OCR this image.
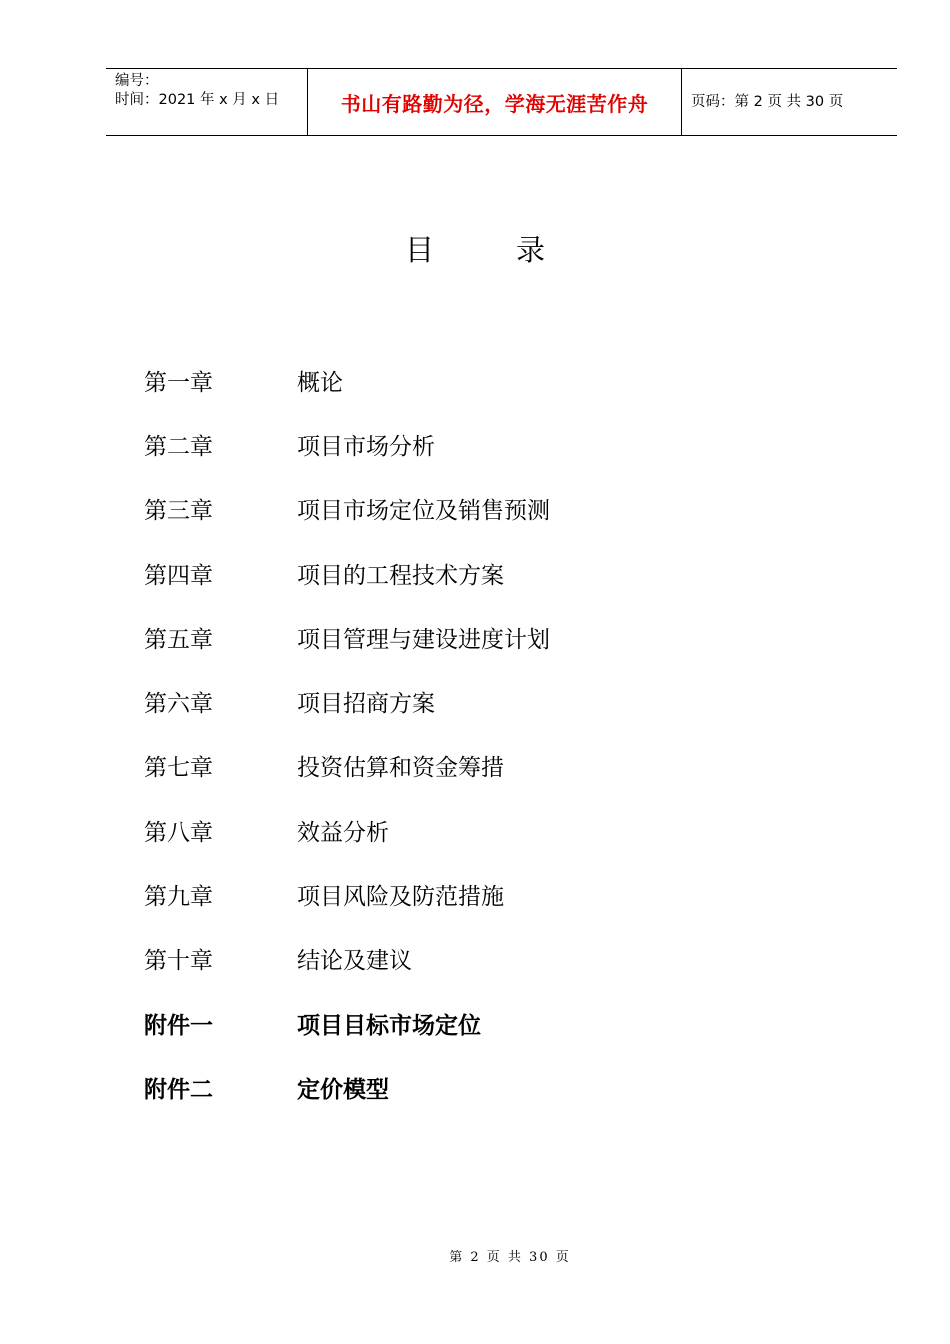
编号：
时间：2021 年 x 月 x 日	书山有路勤为径，学海无涯苦作舟	页码：第 2 页 共 30 页
目录
第一章	概论
第二章	项目市场分析
第三章	项目市场定位及销售预测
第四章	项目的工程技术方案
第五章	项目管理与建设进度计划
第六章	项目招商方案
第七章	投资估算和资金筹措
第八章	效益分析
第九章	项目风险及防范措施
第十章	结论及建议
附件一	项目目标市场定位
附件二	定价模型
第 2 页 共 30 页
